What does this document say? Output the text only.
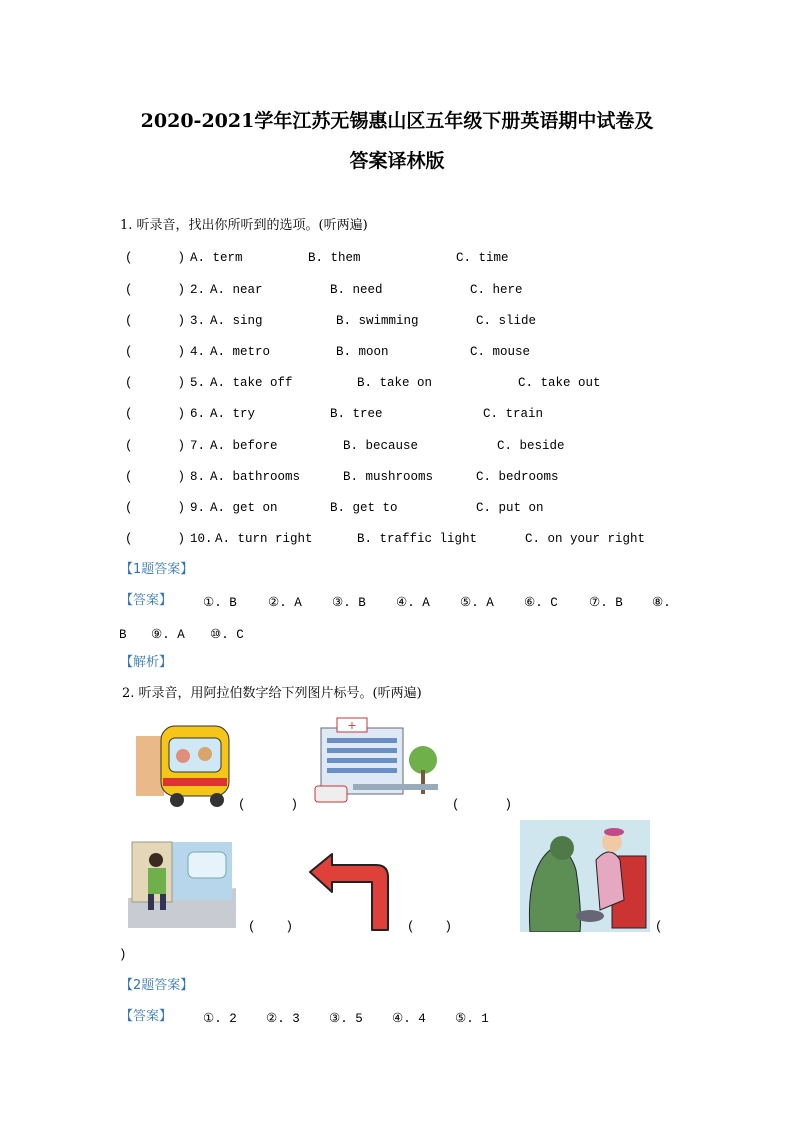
2020-2021学年江苏无锡惠山区五年级下册英语期中试卷及
答案译林版
1. 听录音，找出你所听到的选项。(听两遍)
(      ) A. term	B. them	C. time
(      ) 2. A. near	B. need	C. here
(      ) 3. A. sing	B. swimming	C. slide
(      ) 4. A. metro	B. moon	C. mouse
(      ) 5. A. take off	B. take on	C. take out
(      ) 6. A. try	B. tree	C. train
(      ) 7. A. before	B. because	C. beside
(      ) 8. A. bathrooms	B. mushrooms	C. bedrooms
(      ) 9. A. get on	B. get to	C. put on
(      ) 10. A. turn right	B. traffic light	C. on your right
【1题答案】
【答案】 ①. B	②. A ③. B ④. A ⑤. A ⑥. C	⑦. B ⑧.
B ⑨. A ⑩. C
【解析】
2. 听录音，用阿拉伯数字给下列图片标号。(听两遍)
(      )
+
(      )
(    )	(    )	(
)
【2题答案】
【答案】 ①. 2 ②. 3 ③. 5 ④. 4 ⑤. 1
